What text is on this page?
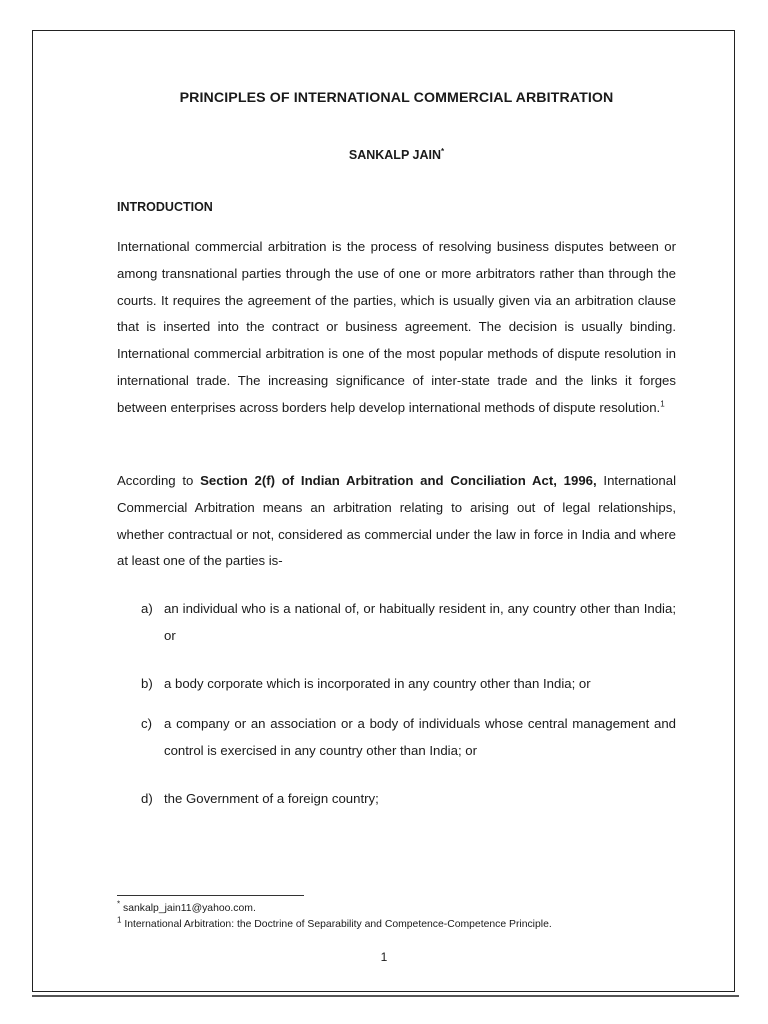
PRINCIPLES OF INTERNATIONAL COMMERCIAL ARBITRATION
SANKALP JAIN*
INTRODUCTION
International commercial arbitration is the process of resolving business disputes between or among transnational parties through the use of one or more arbitrators rather than through the courts. It requires the agreement of the parties, which is usually given via an arbitration clause that is inserted into the contract or business agreement. The decision is usually binding. International commercial arbitration is one of the most popular methods of dispute resolution in international trade. The increasing significance of inter-state trade and the links it forges between enterprises across borders help develop international methods of dispute resolution.$^1$
According to Section 2(f) of Indian Arbitration and Conciliation Act, 1996, International Commercial Arbitration means an arbitration relating to arising out of legal relationships, whether contractual or not, considered as commercial under the law in force in India and where at least one of the parties is-
a) an individual who is a national of, or habitually resident in, any country other than India; or
b) a body corporate which is incorporated in any country other than India; or
c) a company or an association or a body of individuals whose central management and control is exercised in any country other than India; or
d) the Government of a foreign country;
* sankalp_jain11@yahoo.com.
$^1$ International Arbitration: the Doctrine of Separability and Competence-Competence Principle.
1
